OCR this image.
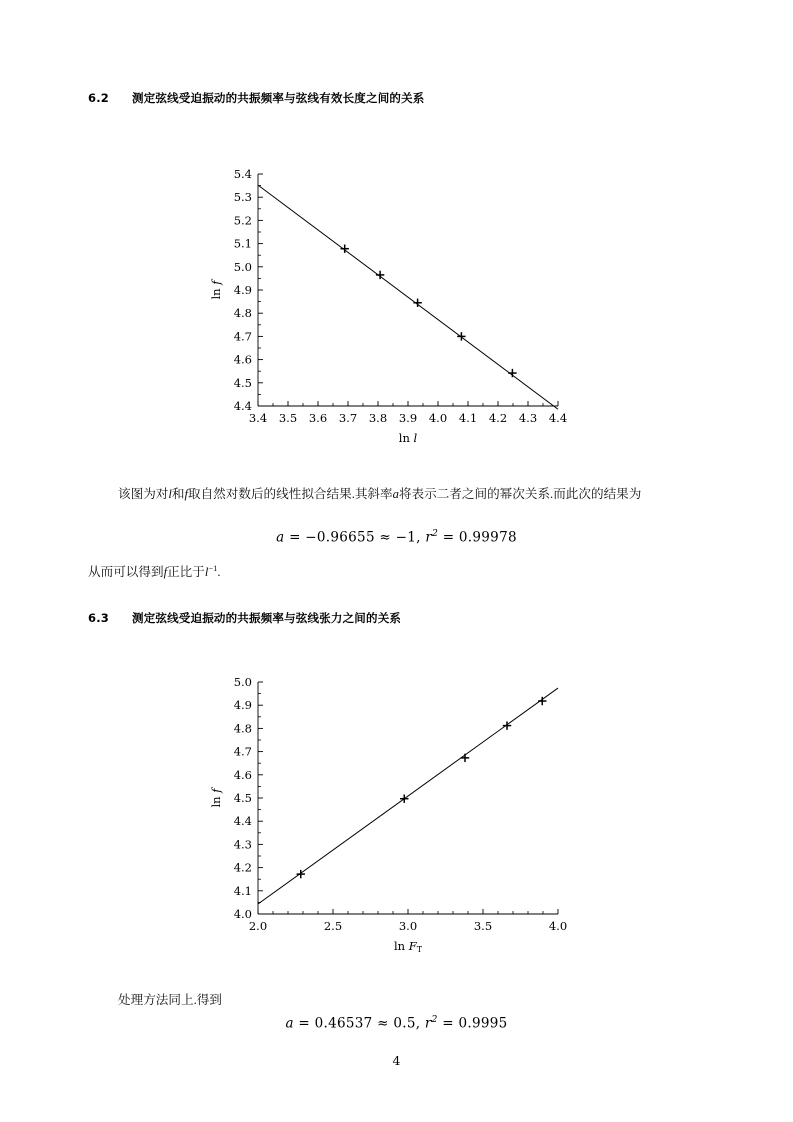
6.2 测定弦线受迫振动的共振频率与弦线有效长度之间的关系
4.4
4.5
4.6
4.7
4.8
4.9
5.0
5.1
5.2
5.3
5.4
3.4 3.5 3.6 3.7 3.8 3.9 4.0 4.1 4.2 4.3 4.4
ln l
ln f
该图为对l和f取自然对数后的线性拟合结果.其斜率a将表示二者之间的幂次关系.而此次的结果为
a = −0.96655 ≈ −1, $r^2 = 0.99978$
从而可以得到f正比于$l^{-1}$.
6.3 测定弦线受迫振动的共振频率与弦线张力之间的关系
4.0
4.1
4.2
4.3
4.4
4.5
4.6
4.7
4.8
4.9
5.0
2.0	2.5	3.0	3.5	4.0
ln FT
ln f
处理方法同上.得到
a = 0.46537 ≈ 0.5, $r^2 = 0.9995$
4
